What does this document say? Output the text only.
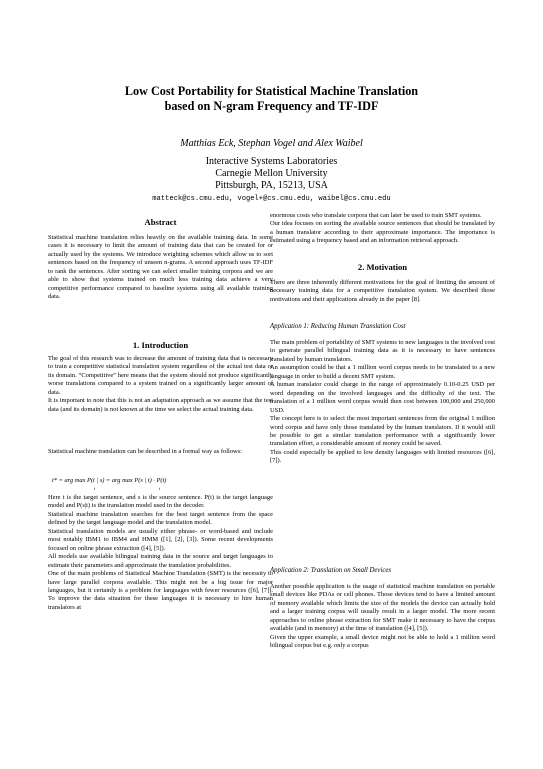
Low Cost Portability for Statistical Machine Translation
based on N-gram Frequency and TF-IDF
Matthias Eck, Stephan Vogel and Alex Waibel
Interactive Systems Laboratories
Carnegie Mellon University
Pittsburgh, PA, 15213, USA
matteck@cs.cmu.edu, vogel+@cs.cmu.edu, waibel@cs.cmu.edu
Abstract

Statistical machine translation relies heavily on the available training data. In some cases it is necessary to limit the amount of training data that can be created for or actually used by the systems. We introduce weighting schemes which allow us to sort sentences based on the frequency of unseen n-grams. A second approach uses TF-IDF to rank the sentences. After sorting we can select smaller training corpora and we are able to show that systems trained on much less training data achieve a very competitive performance compared to baseline systems using all available training data.

1. Introduction

The goal of this research was to decrease the amount of training data that is necessary to train a competitive statistical translation system regardless of the actual test data or its domain. “Competitive” here means that the system should not produce significantly worse translations compared to a system trained on a significantly larger amount of data.

It is important to note that this is not an adaptation approach as we assume that the test data (and its domain) is not known at the time we select the actual training data.

Statistical machine translation can be described in a formal way as follows:

t* = arg max P(t | s) = arg max P(s | t) · P(t)
t	t

Here t is the target sentence, and s is the source sentence. P(t) is the target language model and P(s|t) is the translation model used in the decoder.

Statistical machine translation searches for the best target sentence from the space defined by the target language model and the translation model.

Statistical translation models are usually either phrase- or word-based and include most notably IBM1 to IBM4 and HMM ([1], [2], [3]). Some recent developments focused on online phrase extraction ([4], [5]).

All models use available bilingual training data in the source and target languages to estimate their parameters and approximate the translation probabilities.

One of the main problems of Statistical Machine Translation (SMT) is the necessity to have large parallel corpora available. This might not be a big issue for major languages, but it certainly is a problem for languages with fewer resources ([6], [7]). To improve the data situation for these languages it is necessary to hire human translators at

enormous costs who translate corpora that can later be used to train SMT systems.

Our idea focuses on sorting the available source sentences that should be translated by a human translator according to their approximate importance. The importance is estimated using a frequency based and an information retrieval approach.

2. Motivation

There are three inherently different motivations for the goal of limiting the amount of necessary training data for a competitive translation system. We described those motivations and their applications already in the paper [8].

Application 1: Reducing Human Translation Cost

The main problem of portability of SMT systems to new languages is the involved cost to generate parallel bilingual training data as it is necessary to have sentences translated by human translators.

An assumption could be that a 1 million word corpus needs to be translated to a new language in order to build a decent SMT system.

A human translator could charge in the range of approximately 0.10-0.25 USD per word depending on the involved languages and the difficulty of the text. The translation of a 1 million word corpus would then cost between 100,000 and 250,000 USD.

The concept here is to select the most important sentences from the original 1 million word corpus and have only those translated by the human translators. If it would still be possible to get a similar translation performance with a significantly lower translation effort, a considerable amount of money could be saved.

This could especially be applied to low density languages with limited resources ([6], [7]).

Application 2: Translation on Small Devices

Another possible application is the usage of statistical machine translation on portable small devices like PDAs or cell phones. Those devices tend to have a limited amount of memory available which limits the size of the models the device can actually hold and a larger training corpus will usually result in a larger model. The more recent approaches to online phrase extraction for SMT make it necessary to have the corpus available (and in memory) at the time of translation ([4], [5]).

Given the upper example, a small device might not be able to hold a 1 million word bilingual corpus but e.g. only a corpus
